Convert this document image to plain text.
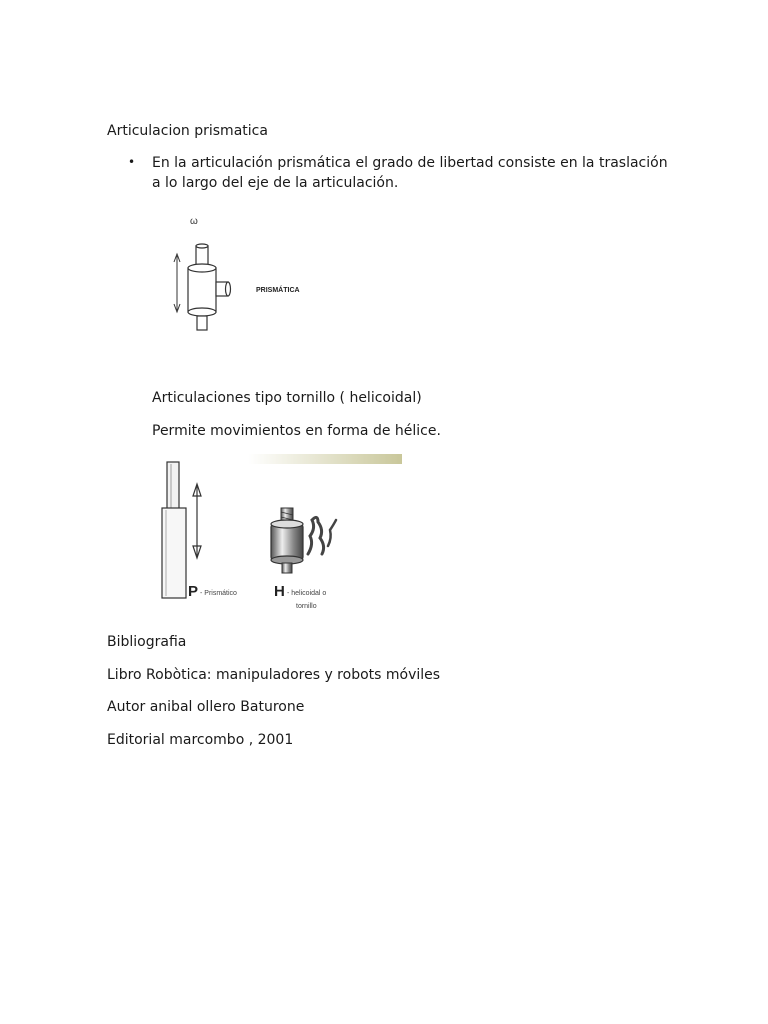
Articulacion prismatica
• En la articulación prismática el grado de libertad consiste en la traslación
a lo largo del eje de la articulación.
ω
PRISMÁTICA
Articulaciones tipo tornillo ( helicoidal)
Permite movimientos en forma de hélice.
P - Prismático H - helicoidal o
tornillo
Bibliografia
Libro Robòtica: manipuladores y robots móviles
Autor anibal ollero Baturone
Editorial marcombo , 2001
